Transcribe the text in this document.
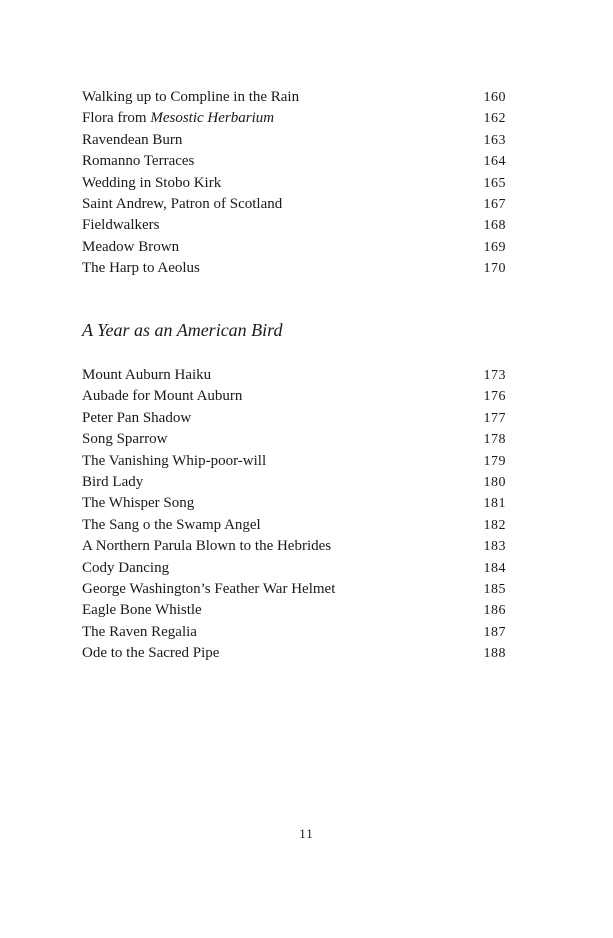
Walking up to Compline in the Rain	160
Flora from Mesostic Herbarium	162
Ravendean Burn	163
Romanno Terraces	164
Wedding in Stobo Kirk	165
Saint Andrew, Patron of Scotland	167
Fieldwalkers	168
Meadow Brown	169
The Harp to Aeolus	170
A Year as an American Bird
Mount Auburn Haiku	173
Aubade for Mount Auburn	176
Peter Pan Shadow	177
Song Sparrow	178
The Vanishing Whip-poor-will	179
Bird Lady	180
The Whisper Song	181
The Sang o the Swamp Angel	182
A Northern Parula Blown to the Hebrides	183
Cody Dancing	184
George Washington’s Feather War Helmet	185
Eagle Bone Whistle	186
The Raven Regalia	187
Ode to the Sacred Pipe	188
11
